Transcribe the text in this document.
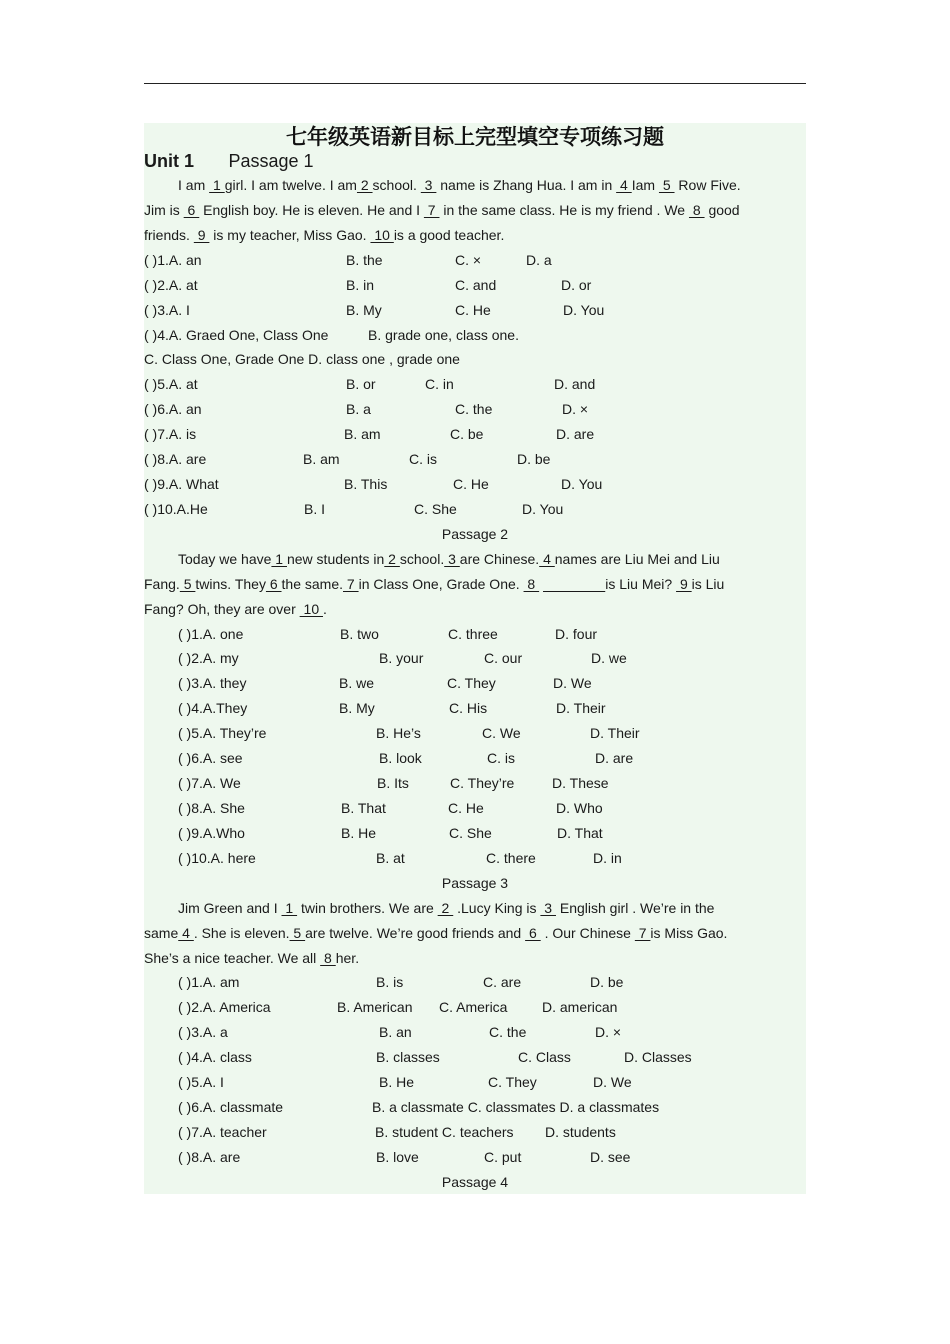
七年级英语新目标上完型填空专项练习题
Unit 1 Passage 1
I am  1 girl. I am twelve. I am 2 school.  3  name is Zhang Hua. I am in  4 Iam  5  Row Five.
Jim is  6  English boy. He is eleven. He and I  7  in the same class. He is my friend . We  8  good
friends.  9  is my teacher, Miss Gao.  10 is a good teacher.
( )1.A. an	B. the	C. ×	D. a
( )2.A. at	B. in	C. and	D. or
( )3.A. I	B. My	C. He	D. You
( )4.A. Graed One, Class One	B. grade one, class one.
C. Class One, Grade One D. class one , grade one
( )5.A. at	B. or	C. in	D. and
( )6.A. an	B. a	C. the	D. ×
( )7.A. is	B. am	C. be	D. are
( )8.A. are	B. am	C. is	D. be
( )9.A. What	B. This	C. He	D. You
( )10.A.He	B. I	C. She	D. You
Passage 2
Today we have 1 new students in 2 school. 3 are Chinese. 4 names are Liu Mei and Liu
Fang. 5 twins. They 6 the same. 7 in Class One, Grade One.  8	is Liu Mei?  9 is Liu
Fang? Oh, they are over  10 .
( )1.A. one	B. two	C. three	D. four
( )2.A. my	B. your	C. our	D. we
( )3.A. they	B. we	C. They	D. We
( )4.A.They	B. My	C. His	D. Their
( )5.A. They’re	B. He’s	C. We	D. Their
( )6.A. see	B. look	C. is	D. are
( )7.A. We	B. Its	C. They’re	D. These
( )8.A. She	B. That	C. He	D. Who
( )9.A.Who	B. He	C. She	D. That
( )10.A. here	B. at	C. there	D. in
Passage 3
Jim Green and I  1  twin brothers. We are  2  .Lucy King is  3  English girl . We’re in the
same 4 . She is eleven. 5 are twelve. We’re good friends and  6  . Our Chinese  7 is Miss Gao.
She’s a nice teacher. We all  8 her.
( )1.A. am	B. is	C. are	D. be
( )2.A. America	B. American C. America D. american
( )3.A. a	B. an	C. the	D. ×
( )4.A. class	B. classes	C. Class	D. Classes
( )5.A. I	B. He	C. They	D. We
( )6.A. classmate	B. a classmate C. classmates D. a classmates
( )7.A. teacher	B. student C. teachers D. students
( )8.A. are	B. love	C. put	D. see
Passage 4
